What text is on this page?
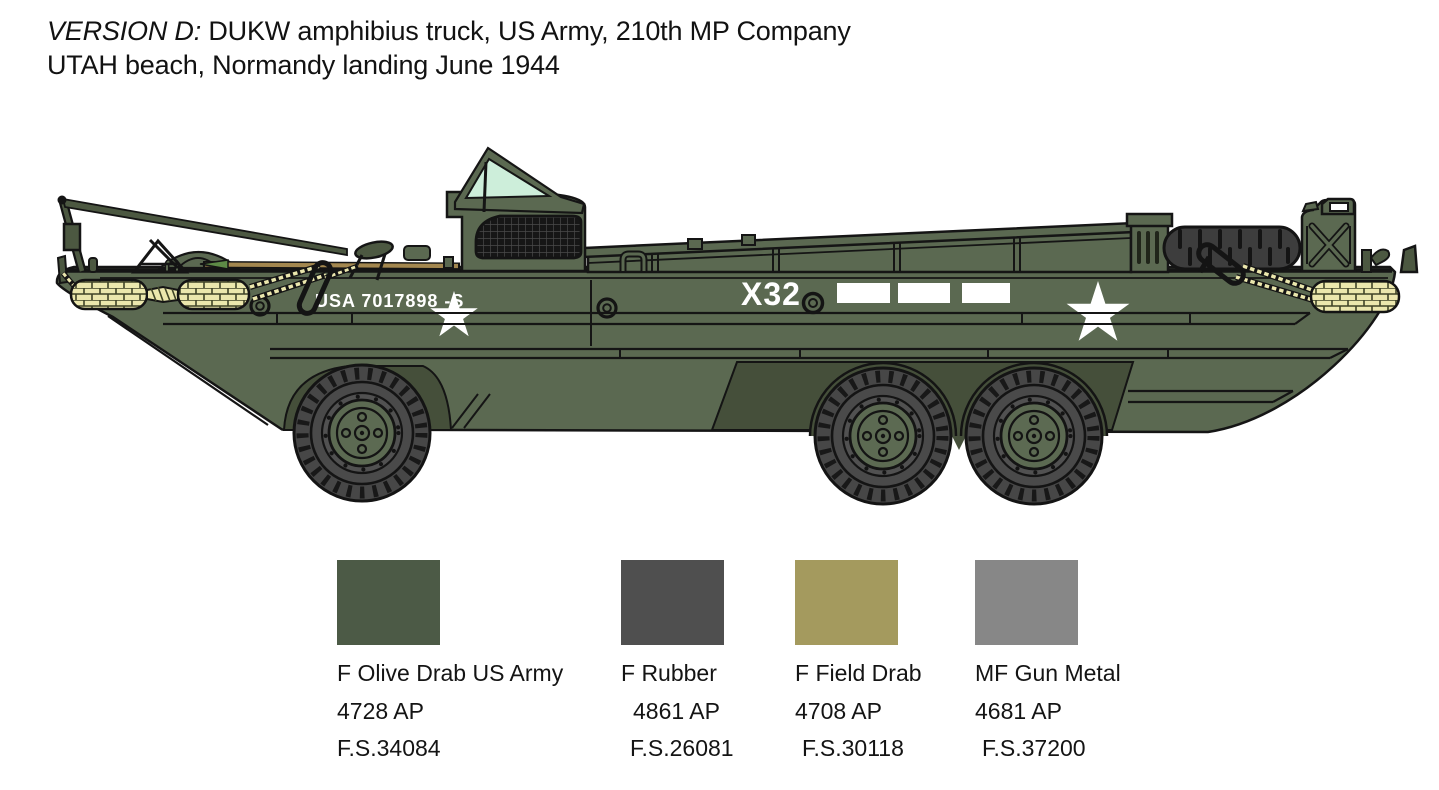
USA 7017898 -S	X32
VERSION D: DUKW amphibius truck, US Army, 210th MP Company
UTAH beach, Normandy landing June 1944
F Olive Drab US Army
4728 AP
F.S.34084
F Rubber
4861 AP
F.S.26081
F Field Drab
4708 AP
F.S.30118
MF Gun Metal
4681 AP
F.S.37200
